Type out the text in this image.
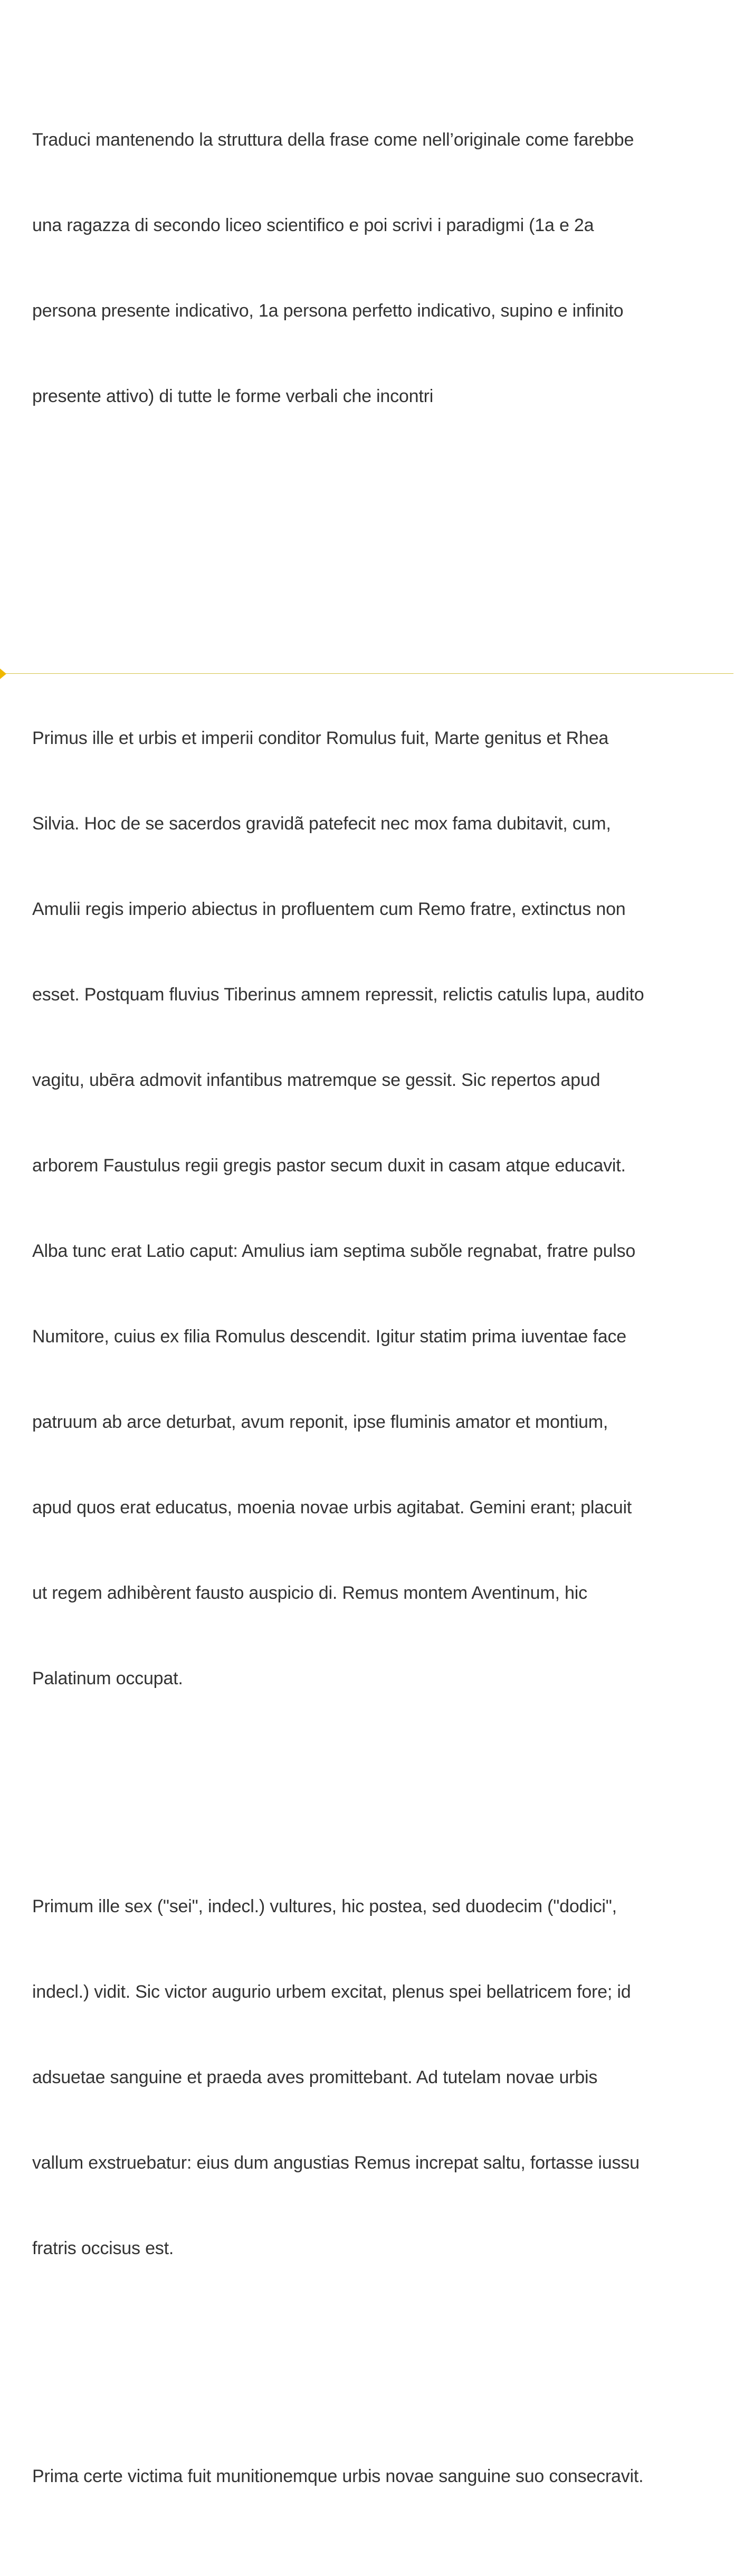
Traduci mantenendo la struttura della frase come nell’originale come farebbe

una ragazza di secondo liceo scientifico e poi scrivi i paradigmi (1a e 2a

persona presente indicativo, 1a persona perfetto indicativo, supino e infinito

presente attivo) di tutte le forme verbali che incontri

Primus ille et urbis et imperii conditor Romulus fuit, Marte genitus et Rhea

Silvia. Hoc de se sacerdos gravidã patefecit nec mox fama dubitavit, cum,

Amulii regis imperio abiectus in profluentem cum Remo fratre, extinctus non

esset. Postquam fluvius Tiberinus amnem repressit, relictis catulis lupa, audito

vagitu, ubēra admovit infantibus matremque se gessit. Sic repertos apud

arborem Faustulus regii gregis pastor secum duxit in casam atque educavit.

Alba tunc erat Latio caput: Amulius iam septima subŏle regnabat, fratre pulso

Numitore, cuius ex filia Romulus descendit. Igitur statim prima iuventae face

patruum ab arce deturbat, avum reponit, ipse fluminis amator et montium,

apud quos erat educatus, moenia novae urbis agitabat. Gemini erant; placuit

ut regem adhibèrent fausto auspicio di. Remus montem Aventinum, hic

Palatinum occupat.

Primum ille sex ("sei", indecl.) vultures, hic postea, sed duodecim ("dodici",

indecl.) vidit. Sic victor augurio urbem excitat, plenus spei bellatricem fore; id

adsuetae sanguine et praeda aves promittebant. Ad tutelam novae urbis

vallum exstruebatur: eius dum angustias Remus increpat saltu, fortasse iussu

fratris occisus est.

Prima certe victima fuit munitionemque urbis novae sanguine suo consecravit.
